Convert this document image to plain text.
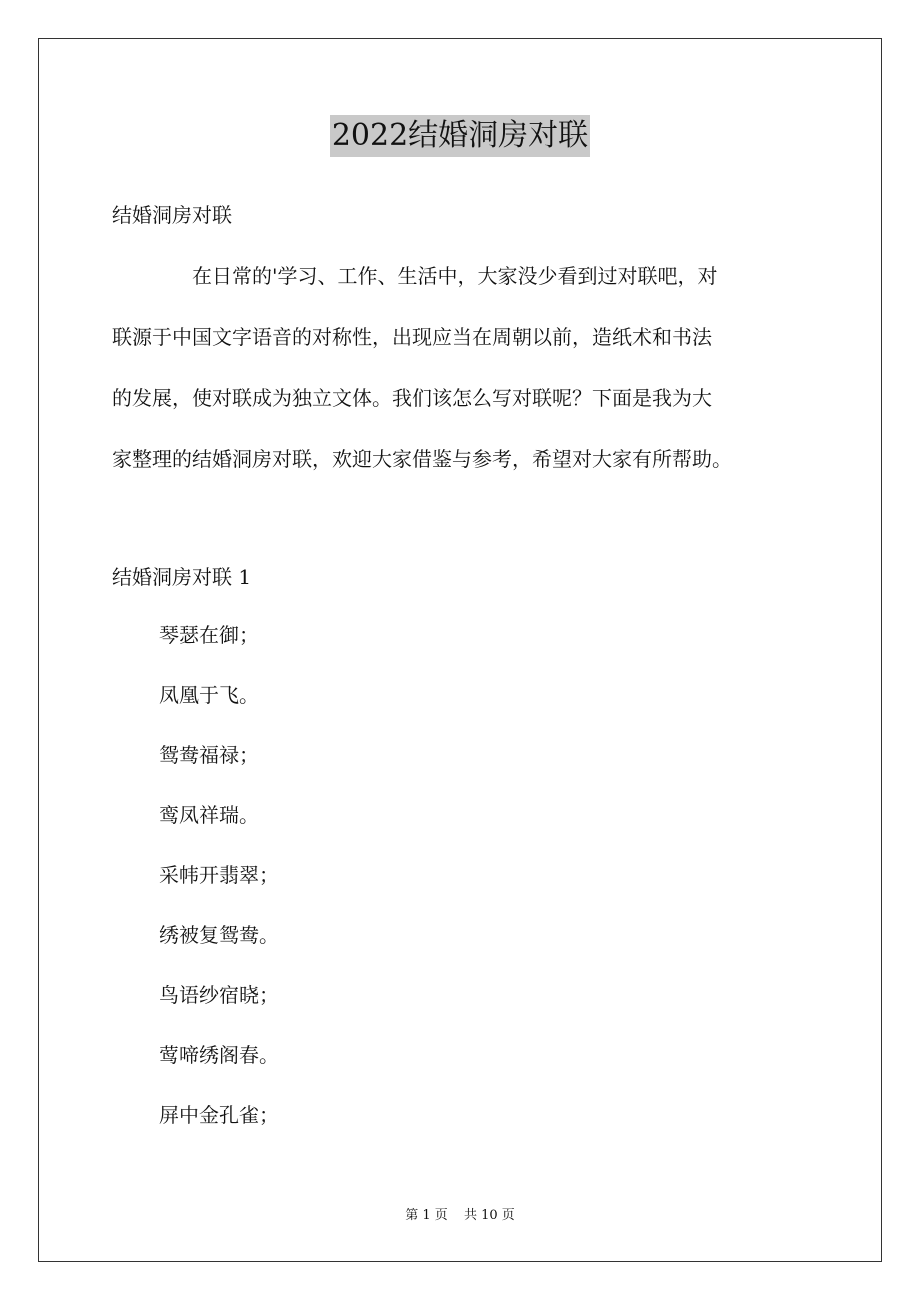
2022结婚洞房对联
结婚洞房对联
　　　　在日常的'学习、工作、生活中，大家没少看到过对联吧，对
联源于中国文字语音的对称性，出现应当在周朝以前，造纸术和书法
的发展，使对联成为独立文体。我们该怎么写对联呢？下面是我为大
家整理的结婚洞房对联，欢迎大家借鉴与参考，希望对大家有所帮助。
结婚洞房对联 1
琴瑟在御；
凤凰于飞。
鸳鸯福禄；
鸾凤祥瑞。
采帏开翡翠；
绣被复鸳鸯。
鸟语纱宿晓；
莺啼绣阁春。
屏中金孔雀；
第 1 页 共 10 页
